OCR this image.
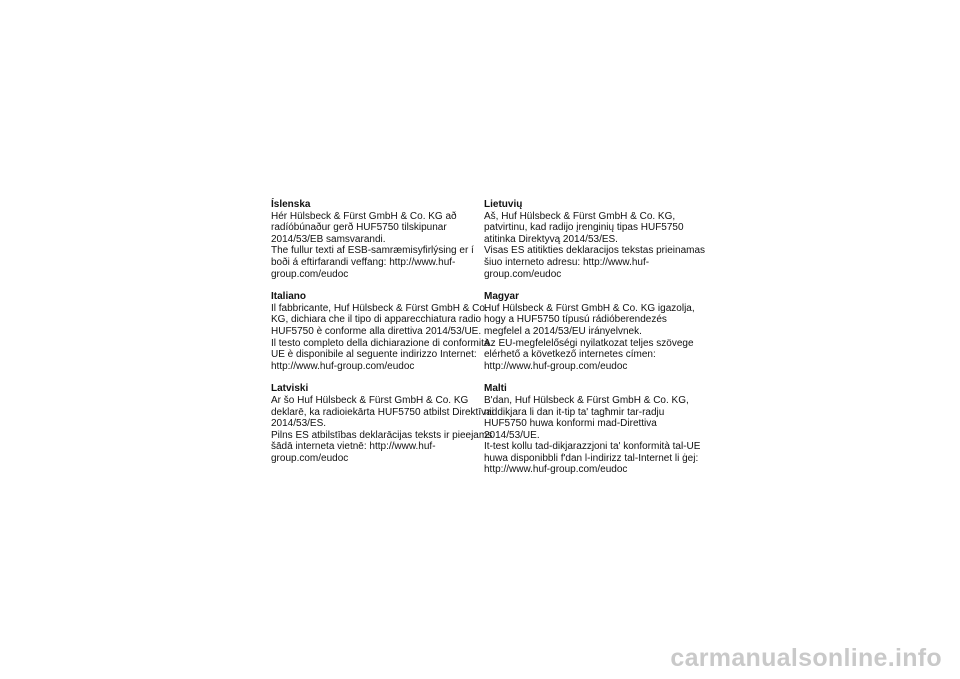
Íslenska
Hér Hülsbeck & Fürst GmbH & Co. KG að
radíóbúnaður gerð HUF5750 tilskipunar
2014/53/EB samsvarandi.
The fullur texti af ESB-samræmisyfirlýsing er í
boði á eftirfarandi veffang: http://www.huf-
group.com/eudoc
Italiano
Il fabbricante, Huf Hülsbeck & Fürst GmbH & Co.
KG, dichiara che il tipo di apparecchiatura radio
HUF5750 è conforme alla direttiva 2014/53/UE.
Il testo completo della dichiarazione di conformità
UE è disponibile al seguente indirizzo Internet:
http://www.huf-group.com/eudoc
Latviski
Ar šo Huf Hülsbeck & Fürst GmbH & Co. KG
deklarē, ka radioiekārta HUF5750 atbilst Direktīvai
2014/53/ES.
Pilns ES atbilstības deklarācijas teksts ir pieejams
šādā interneta vietnē: http://www.huf-
group.com/eudoc
Lietuvių
Aš, Huf Hülsbeck & Fürst GmbH & Co. KG,
patvirtinu, kad radijo įrenginių tipas HUF5750
atitinka Direktyvą 2014/53/ES.
Visas ES atitikties deklaracijos tekstas prieinamas
šiuo interneto adresu: http://www.huf-
group.com/eudoc
Magyar
Huf Hülsbeck & Fürst GmbH & Co. KG igazolja,
hogy a HUF5750 típusú rádióberendezés
megfelel a 2014/53/EU irányelvnek.
Az EU-megfelelőségi nyilatkozat teljes szövege
elérhető a következő internetes címen:
http://www.huf-group.com/eudoc
Malti
B'dan, Huf Hülsbeck & Fürst GmbH & Co. KG,
niddikjara li dan it-tip ta' tagħmir tar-radju
HUF5750 huwa konformi mad-Direttiva
2014/53/UE.
It-test kollu tad-dikjarazzjoni ta' konformità tal-UE
huwa disponibbli f'dan l-indirizz tal-Internet li ġej:
http://www.huf-group.com/eudoc
carmanualsonline.info
